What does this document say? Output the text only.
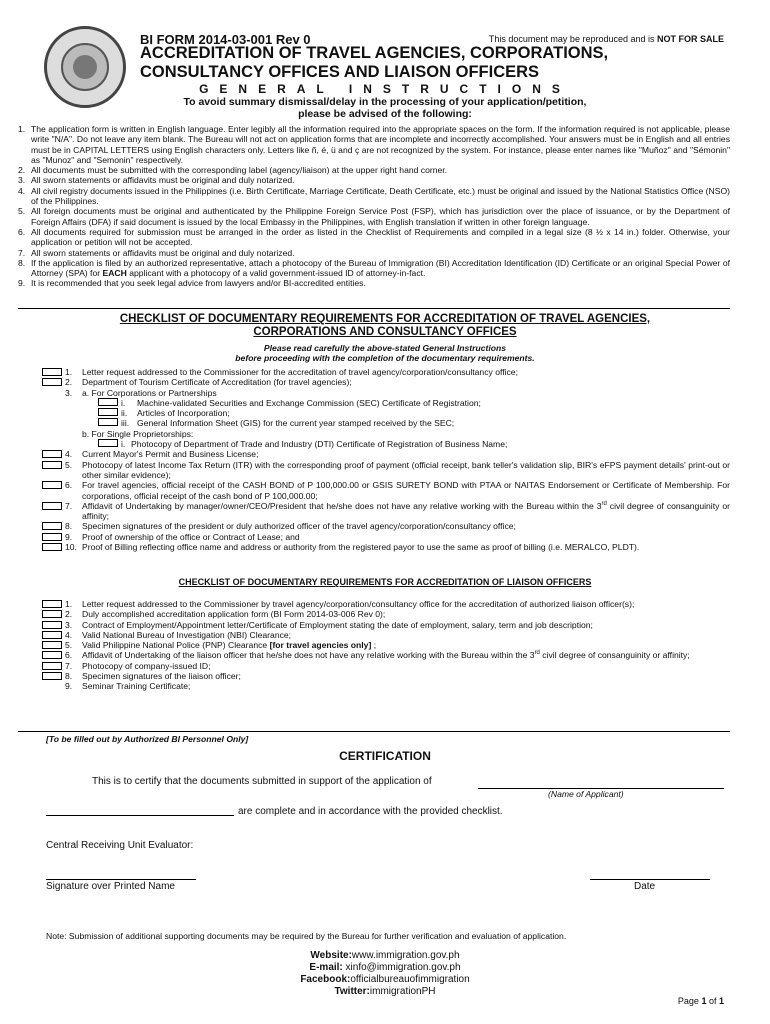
BI FORM 2014-03-001 Rev 0	This document may be reproduced and is NOT FOR SALE
ACCREDITATION OF TRAVEL AGENCIES, CORPORATIONS,
CONSULTANCY OFFICES AND LIAISON OFFICERS
GENERAL INSTRUCTIONS
To avoid summary dismissal/delay in the processing of your application/petition,
please be advised of the following:
1. The application form is written in English language. Enter legibly all the information required into the appropriate spaces on the form. If the information required is not applicable, please write "N/A". Do not leave any item blank. The Bureau will not act on application forms that are incomplete and incorrectly accomplished. Your answers must be in English and all entries must be in CAPITAL LETTERS using English characters only. Letters like ñ, é, ü and ç are not recognized by the system. For instance, please enter names like "Muñoz" and "Sémonin" as "Munoz" and "Semonin" respectively.
2. All documents must be submitted with the corresponding label (agency/liaison) at the upper right hand corner.
3. All sworn statements or affidavits must be original and duly notarized.
4. All civil registry documents issued in the Philippines (i.e. Birth Certificate, Marriage Certificate, Death Certificate, etc.) must be original and issued by the National Statistics Office (NSO) of the Philippines.
5. All foreign documents must be original and authenticated by the Philippine Foreign Service Post (FSP), which has jurisdiction over the place of issuance, or by the Department of Foreign Affairs (DFA) if said document is issued by the local Embassy in the Philippines, with English translation if written in other foreign language.
6. All documents required for submission must be arranged in the order as listed in the Checklist of Requirements and compiled in a legal size (8 ½ x 14 in.) folder. Otherwise, your application or petition will not be accepted.
7. All sworn statements or affidavits must be original and duly notarized.
8. If the application is filed by an authorized representative, attach a photocopy of the Bureau of Immigration (BI) Accreditation Identification (ID) Certificate or an original Special Power of Attorney (SPA) for EACH applicant with a photocopy of a valid government-issued ID of attorney-in-fact.
9. It is recommended that you seek legal advice from lawyers and/or BI-accredited entities.
CHECKLIST OF DOCUMENTARY REQUIREMENTS FOR ACCREDITATION OF TRAVEL AGENCIES,
CORPORATIONS AND CONSULTANCY OFFICES
Please read carefully the above-stated General Instructions
before proceeding with the completion of the documentary requirements.
1.	Letter request addressed to the Commissioner for the accreditation of travel agency/corporation/consultancy office;
2.	Department of Tourism Certificate of Accreditation (for travel agencies);
3.	a. For Corporations or Partnerships
i.	Machine-validated Securities and Exchange Commission (SEC) Certificate of Registration;
ii.	Articles of Incorporation;
iii. General Information Sheet (GIS) for the current year stamped received by the SEC;
b. For Single Proprietorships:
i. Photocopy of Department of Trade and Industry (DTI) Certificate of Registration of Business Name;
4.	Current Mayor's Permit and Business License;
5.	Photocopy of latest Income Tax Return (ITR) with the corresponding proof of payment (official receipt, bank teller's validation slip, BIR's eFPS payment details' print-out or other similar evidence);
6.	For travel agencies, official receipt of the CASH BOND of P 100,000.00 or GSIS SURETY BOND with PTAA or NAITAS Endorsement or Certificate of Membership. For corporations, official receipt of the cash bond of P 100,000.00;
7.	Affidavit of Undertaking by manager/owner/CEO/President that he/she does not have any relative working with the Bureau within the 3rd civil degree of consanguinity or affinity;
8.	Specimen signatures of the president or duly authorized officer of the travel agency/corporation/consultancy office;
9.	Proof of ownership of the office or Contract of Lease; and
10. Proof of Billing reflecting office name and address or authority from the registered payor to use the same as proof of billing (i.e. MERALCO, PLDT).
CHECKLIST OF DOCUMENTARY REQUIREMENTS FOR ACCREDITATION OF LIAISON OFFICERS
1.	Letter request addressed to the Commissioner by travel agency/corporation/consultancy office for the accreditation of authorized liaison officer(s);
2.	Duly accomplished accreditation application form (BI Form 2014-03-006 Rev 0);
3.	Contract of Employment/Appointment letter/Certificate of Employment stating the date of employment, salary, term and job description;
4.	Valid National Bureau of Investigation (NBI) Clearance;
5.	Valid Philippine National Police (PNP) Clearance [for travel agencies only] ;
6.	Affidavit of Undertaking of the liaison officer that he/she does not have any relative working with the Bureau within the 3rd civil degree of consanguinity or affinity;
7.	Photocopy of company-issued ID;
8.	Specimen signatures of the liaison officer;
9.	Seminar Training Certificate;
[To be filled out by Authorized BI Personnel Only]
CERTIFICATION
This is to certify that the documents submitted in support of the application of
(Name of Applicant)
are complete and in accordance with the provided checklist.
Central Receiving Unit Evaluator:
Signature over Printed Name	Date
Note: Submission of additional supporting documents may be required by the Bureau for further verification and evaluation of application.
Website:www.immigration.gov.ph
E-mail: xinfo@immigration.gov.ph
Facebook:officialbureauofimmigration
Twitter:immigrationPH
Page 1 of 1
